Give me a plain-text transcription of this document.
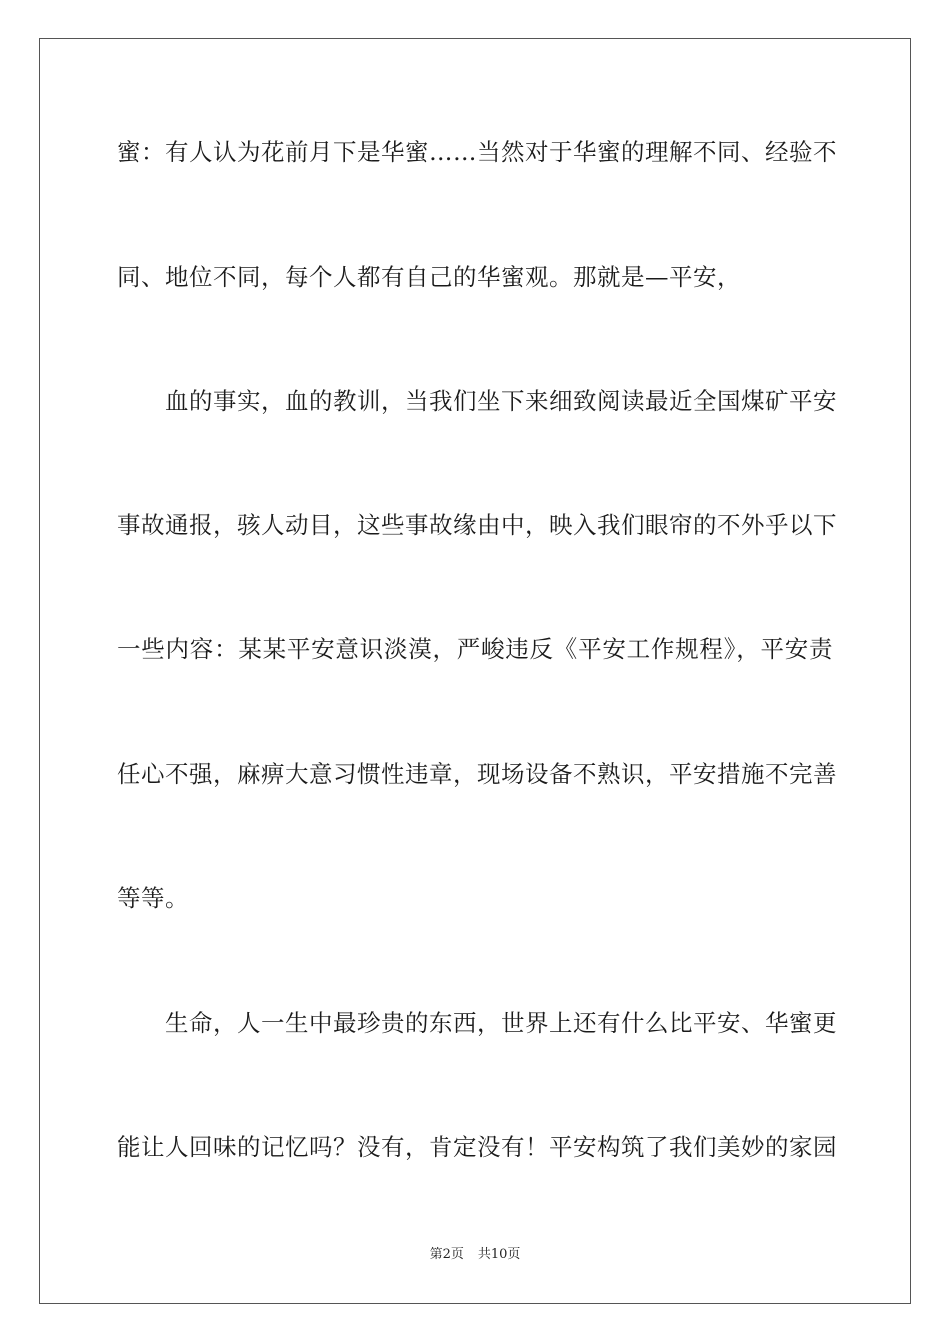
蜜：有人认为花前月下是华蜜……当然对于华蜜的理解不同、经验不
同、地位不同，每个人都有自己的华蜜观。那就是—平安，
　　血的事实，血的教训，当我们坐下来细致阅读最近全国煤矿平安
事故通报，骇人动目，这些事故缘由中，映入我们眼帘的不外乎以下
一些内容：某某平安意识淡漠，严峻违反《平安工作规程》，平安责
任心不强，麻痹大意习惯性违章，现场设备不熟识，平安措施不完善
等等。
　　生命，人一生中最珍贵的东西，世界上还有什么比平安、华蜜更
能让人回味的记忆吗？没有，肯定没有！平安构筑了我们美妙的家园
第2页 共10页
